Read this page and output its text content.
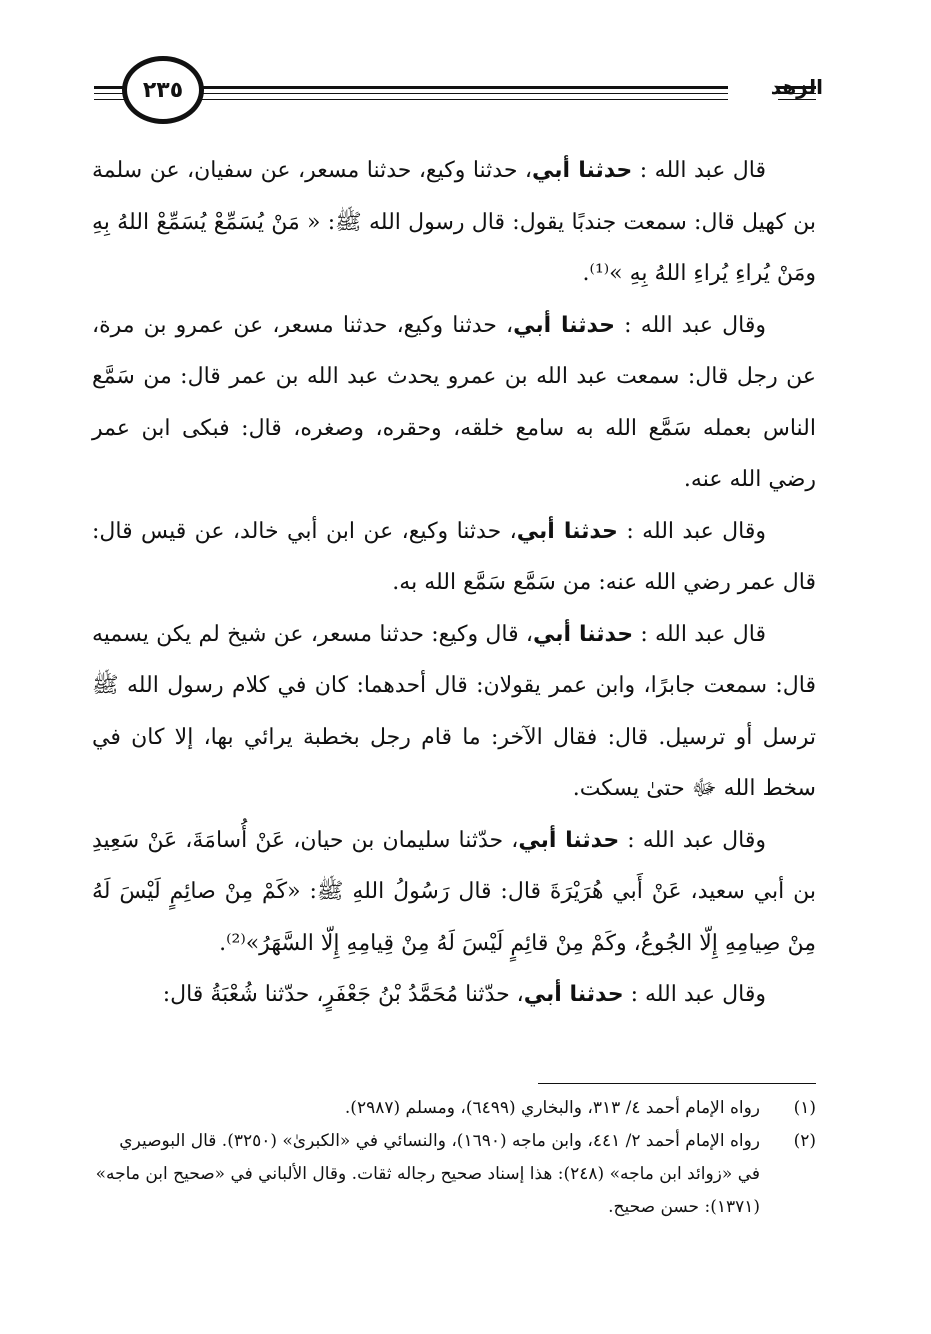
الزهد
٢٣٥

قال عبد الله : حدثنا أبي، حدثنا وكيع، حدثنا مسعر، عن سفيان، عن سلمة بن كهيل قال: سمعت جندبًا يقول: قال رسول الله ﷺ: « مَنْ يُسَمِّعْ يُسَمِّعْ اللهُ بِهِ ومَنْ يُراءِ يُراءِ اللهُ بِهِ »⁽¹⁾.

وقال عبد الله : حدثنا أبي، حدثنا وكيع، حدثنا مسعر، عن عمرو بن مرة، عن رجل قال: سمعت عبد الله بن عمرو يحدث عبد الله بن عمر قال: من سَمَّع الناس بعمله سَمَّع الله به سامع خلقه، وحقره، وصغره، قال: فبكى ابن عمر رضي الله عنه.

وقال عبد الله : حدثنا أبي، حدثنا وكيع، عن ابن أبي خالد، عن قيس قال: قال عمر رضي الله عنه: من سَمَّع سَمَّع الله به.

قال عبد الله : حدثنا أبي، قال وكيع: حدثنا مسعر، عن شيخ لم يكن يسميه قال: سمعت جابرًا، وابن عمر يقولان: قال أحدهما: كان في كلام رسول الله ﷺ ترسل أو ترسيل. قال: فقال الآخر: ما قام رجل بخطبة يرائي بها، إلا كان في سخط الله ﷻ حتىٰ يسكت.

وقال عبد الله : حدثنا أبي، حدّثنا سليمان بن حيان، عَنْ أُسامَةَ، عَنْ سَعِيدِ بن أبي سعيد، عَنْ أَبي هُرَيْرَةَ قال: قال رَسُولُ اللهِ ﷺ: «كَمْ مِنْ صائِمٍ لَيْسَ لَهُ مِنْ صِيامِهِ إِلّا الجُوعُ، وكَمْ مِنْ قائِمٍ لَيْسَ لَهُ مِنْ قِيامِهِ إِلّا السَّهَرُ»⁽²⁾.

وقال عبد الله : حدثنا أبي، حدّثنا مُحَمَّدُ بْنُ جَعْفَرٍ، حدّثنا شُعْبَةُ قال:

(١)
رواه الإمام أحمد ٤/ ٣١٣، والبخاري (٦٤٩٩)، ومسلم (٢٩٨٧).
(٢)
رواه الإمام أحمد ٢/ ٤٤١، وابن ماجه (١٦٩٠)، والنسائي في «الكبرىٰ» (٣٢٥٠). قال البوصيري في «زوائد ابن ماجه» (٢٤٨): هذا إسناد صحيح رجاله ثقات. وقال الألباني في «صحيح ابن ماجه» (١٣٧١): حسن صحيح.
